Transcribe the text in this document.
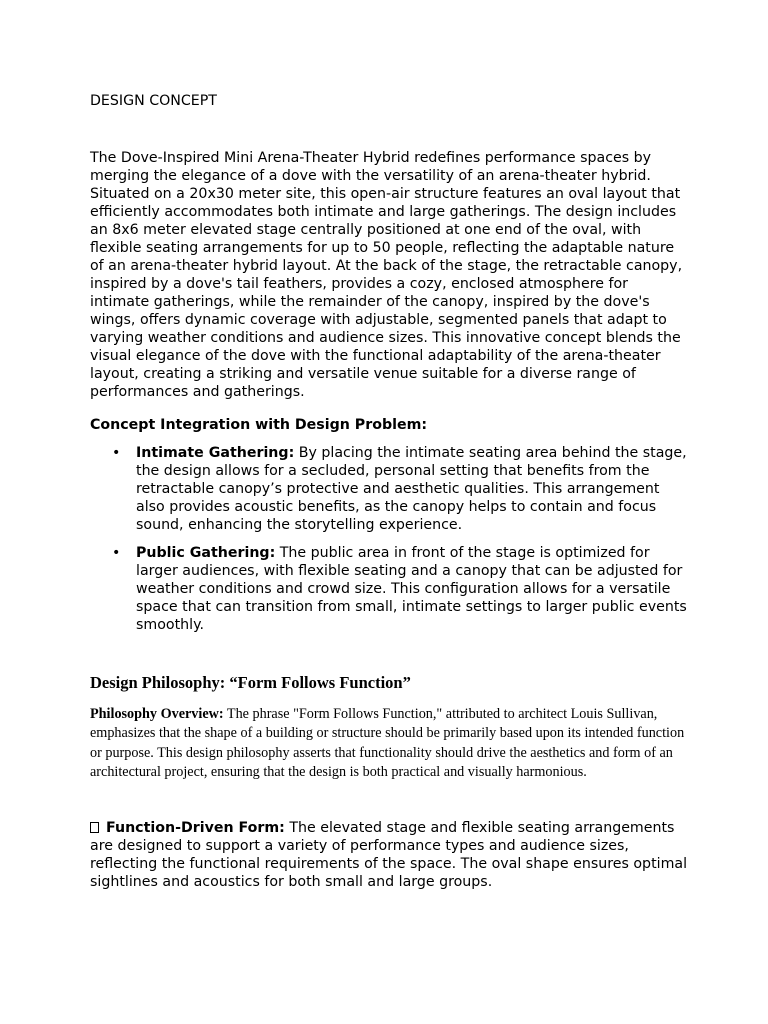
DESIGN CONCEPT

The Dove-Inspired Mini Arena-Theater Hybrid redefines performance spaces by merging the elegance of a dove with the versatility of an arena-theater hybrid. Situated on a 20x30 meter site, this open-air structure features an oval layout that efficiently accommodates both intimate and large gatherings. The design includes an 8x6 meter elevated stage centrally positioned at one end of the oval, with flexible seating arrangements for up to 50 people, reflecting the adaptable nature of an arena-theater hybrid layout. At the back of the stage, the retractable canopy, inspired by a dove's tail feathers, provides a cozy, enclosed atmosphere for intimate gatherings, while the remainder of the canopy, inspired by the dove's wings, offers dynamic coverage with adjustable, segmented panels that adapt to varying weather conditions and audience sizes. This innovative concept blends the visual elegance of the dove with the functional adaptability of the arena-theater layout, creating a striking and versatile venue suitable for a diverse range of performances and gatherings.

Concept Integration with Design Problem:
• Intimate Gathering: By placing the intimate seating area behind the stage, the design allows for a secluded, personal setting that benefits from the retractable canopy’s protective and aesthetic qualities. This arrangement also provides acoustic benefits, as the canopy helps to contain and focus sound, enhancing the storytelling experience.
• Public Gathering: The public area in front of the stage is optimized for larger audiences, with flexible seating and a canopy that can be adjusted for weather conditions and crowd size. This configuration allows for a versatile space that can transition from small, intimate settings to larger public events smoothly.
Design Philosophy: “Form Follows Function”

Philosophy Overview: The phrase "Form Follows Function," attributed to architect Louis Sullivan, emphasizes that the shape of a building or structure should be primarily based upon its intended function or purpose. This design philosophy asserts that functionality should drive the aesthetics and form of an architectural project, ensuring that the design is both practical and visually harmonious.

Function-Driven Form: The elevated stage and flexible seating arrangements are designed to support a variety of performance types and audience sizes, reflecting the functional requirements of the space. The oval shape ensures optimal sightlines and acoustics for both small and large groups.
